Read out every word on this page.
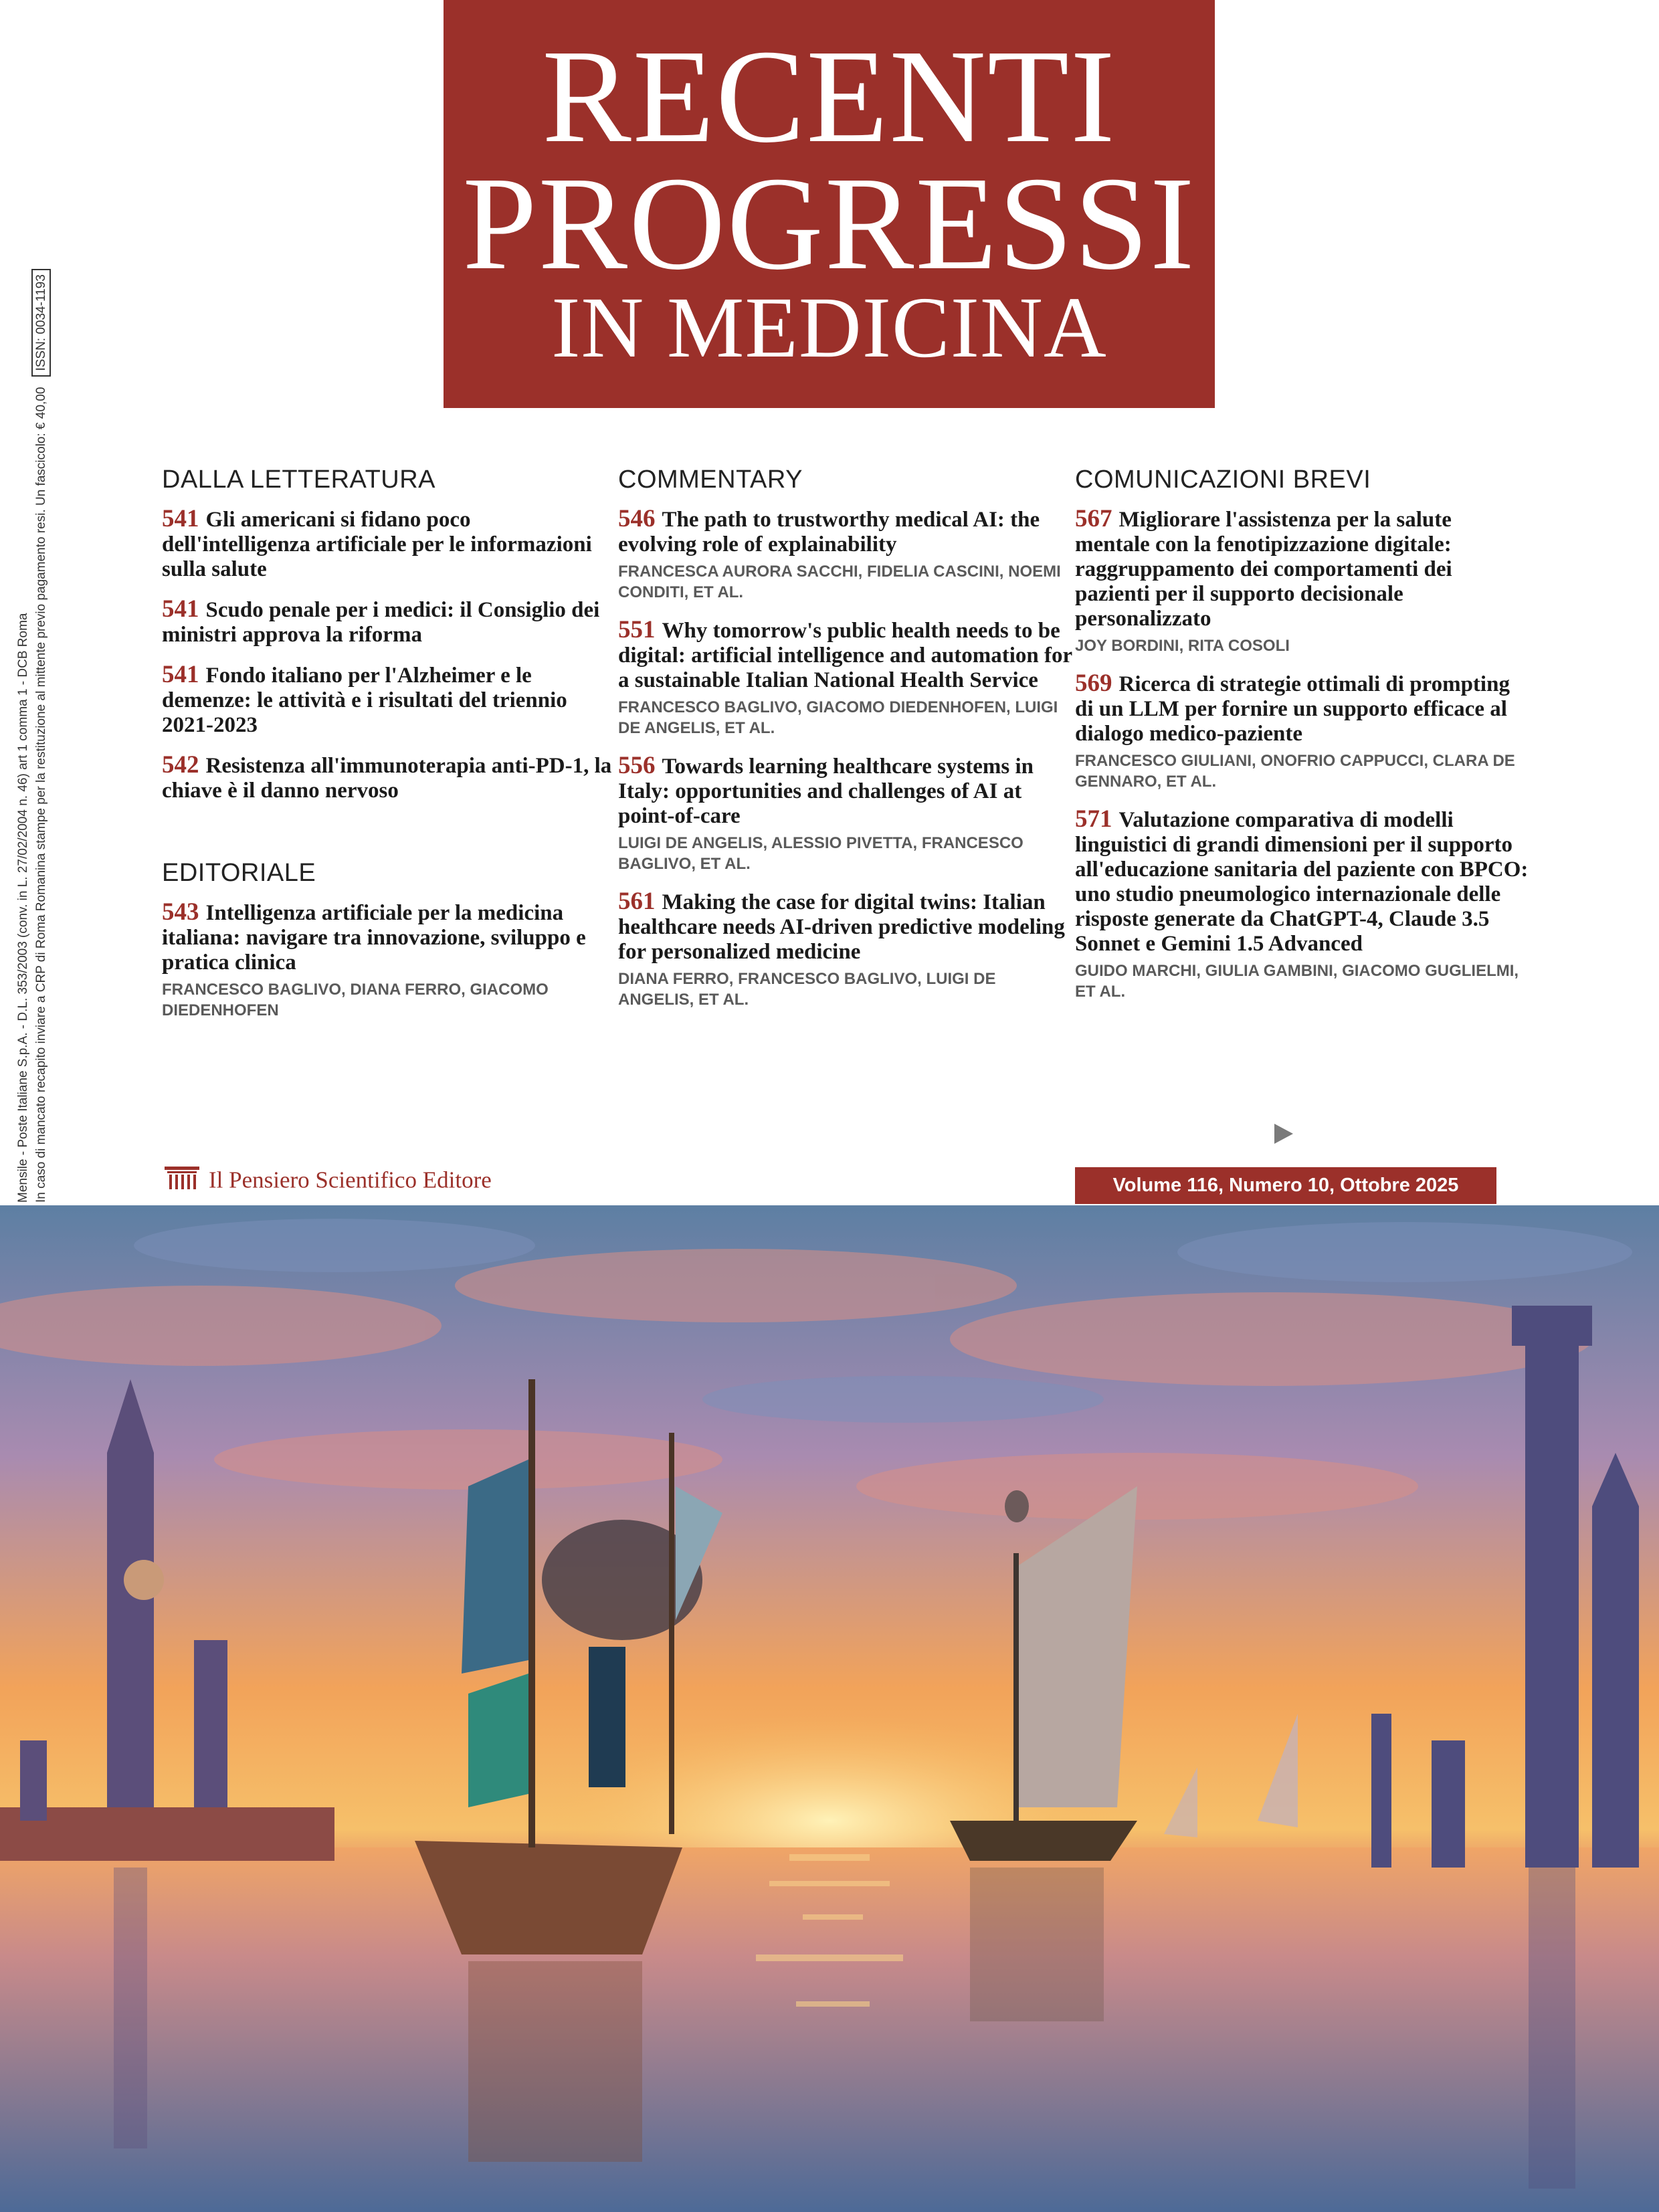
RECENTI
PROGRESSI
IN MEDICINA
Mensile - Poste Italiane S.p.A. - D.L. 353/2003 (conv. in L. 27/02/2004 n. 46) art 1 comma 1 - DCB Roma In caso di mancato recapito inviare a CRP di Roma Romanina stampe per la restituzione al mittente previo pagamento resi. Un fascicolo: € 40,00ISSN: 0034-1193
DALLA LETTERATURA
541 Gli americani si fidano poco dell'intelligenza artificiale per le informazioni sulla salute
541 Scudo penale per i medici: il Consiglio dei ministri approva la riforma
541 Fondo italiano per l'Alzheimer e le demenze: le attività e i risultati del triennio 2021-2023
542 Resistenza all'immunoterapia anti-PD-1, la chiave è il danno nervoso
EDITORIALE
543 Intelligenza artificiale per la medicina italiana: navigare tra innovazione, sviluppo e pratica clinica
FRANCESCO BAGLIVO, DIANA FERRO, GIACOMO DIEDENHOFEN
COMMENTARY
546 The path to trustworthy medical AI: the evolving role of explainability
FRANCESCA AURORA SACCHI, FIDELIA CASCINI, NOEMI CONDITI, ET AL.
551 Why tomorrow's public health needs to be digital: artificial intelligence and automation for a sustainable Italian National Health Service
FRANCESCO BAGLIVO, GIACOMO DIEDENHOFEN, LUIGI DE ANGELIS, ET AL.
556 Towards learning healthcare systems in Italy: opportunities and challenges of AI at point-of-care
LUIGI DE ANGELIS, ALESSIO PIVETTA, FRANCESCO BAGLIVO, ET AL.
561 Making the case for digital twins: Italian healthcare needs AI-driven predictive modeling for personalized medicine
DIANA FERRO, FRANCESCO BAGLIVO, LUIGI DE ANGELIS, ET AL.
COMUNICAZIONI BREVI
567 Migliorare l'assistenza per la salute mentale con la fenotipizzazione digitale: raggruppamento dei comportamenti dei pazienti per il supporto decisionale personalizzato
JOY BORDINI, RITA COSOLI
569 Ricerca di strategie ottimali di prompting di un LLM per fornire un supporto efficace al dialogo medico-paziente
FRANCESCO GIULIANI, ONOFRIO CAPPUCCI, CLARA DE GENNARO, ET AL.
571 Valutazione comparativa di modelli linguistici di grandi dimensioni per il supporto all'educazione sanitaria del paziente con BPCO: uno studio pneumologico internazionale delle risposte generate da ChatGPT-4, Claude 3.5 Sonnet e Gemini 1.5 Advanced
GUIDO MARCHI, GIULIA GAMBINI, GIACOMO GUGLIELMI, ET AL.
Il Pensiero Scientifico Editore	Volume 116, Numero 10, Ottobre 2025
